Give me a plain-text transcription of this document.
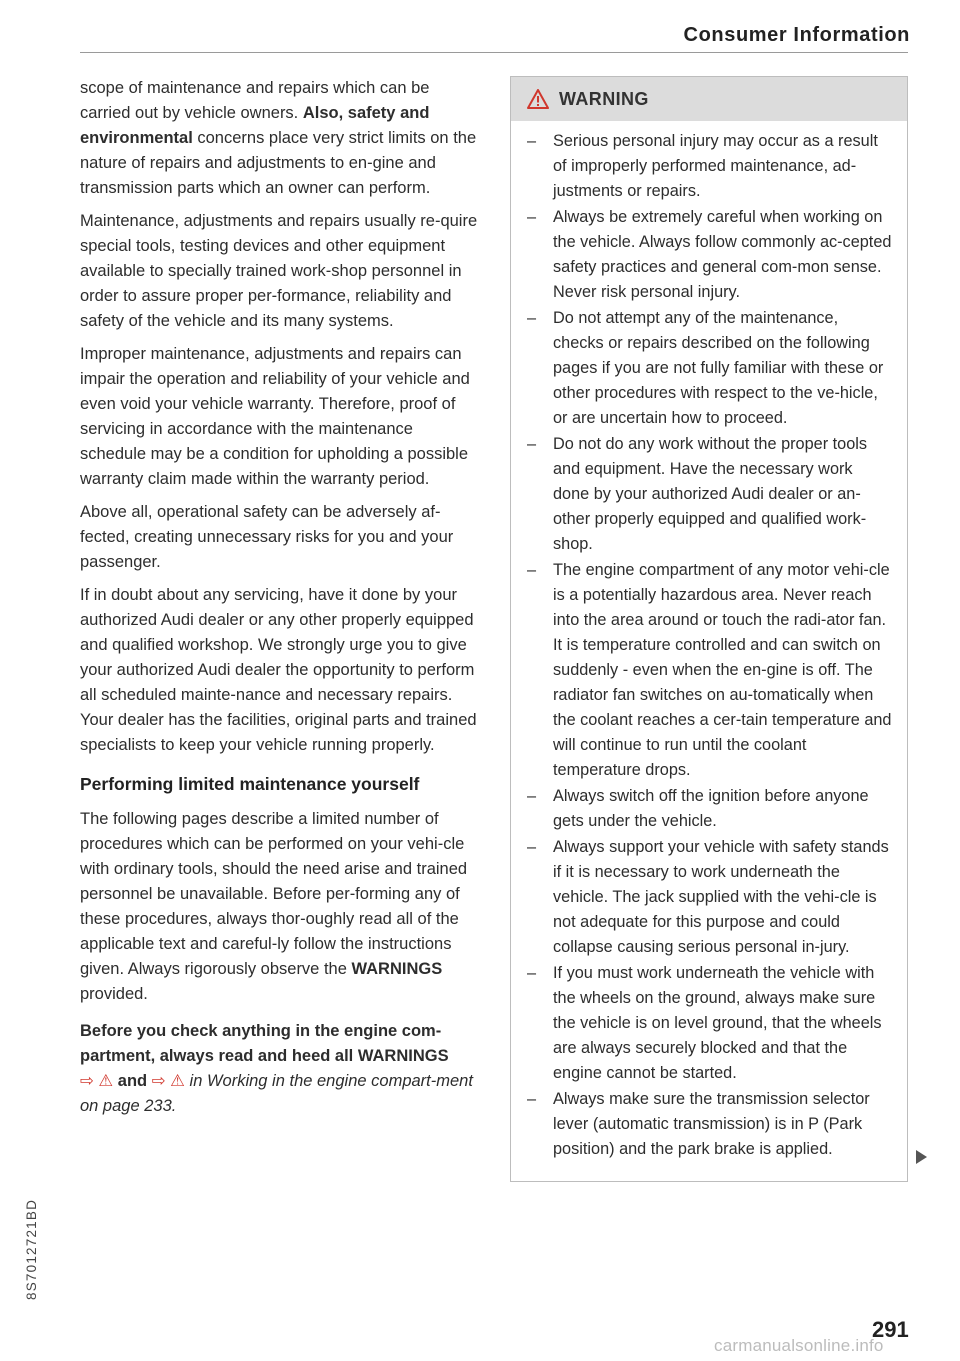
Consumer Information

scope of maintenance and repairs which can be carried out by vehicle owners. Also, safety and environmental concerns place very strict limits on the nature of repairs and adjustments to en-gine and transmission parts which an owner can perform.

Maintenance, adjustments and repairs usually re-quire special tools, testing devices and other equipment available to specially trained work-shop personnel in order to assure proper per-formance, reliability and safety of the vehicle and its many systems.

Improper maintenance, adjustments and repairs can impair the operation and reliability of your vehicle and even void your vehicle warranty. Therefore, proof of servicing in accordance with the maintenance schedule may be a condition for upholding a possible warranty claim made within the warranty period.

Above all, operational safety can be adversely af-fected, creating unnecessary risks for you and your passenger.

If in doubt about any servicing, have it done by your authorized Audi dealer or any other properly equipped and qualified workshop. We strongly urge you to give your authorized Audi dealer the opportunity to perform all scheduled mainte-nance and necessary repairs. Your dealer has the facilities, original parts and trained specialists to keep your vehicle running properly.

Performing limited maintenance yourself

The following pages describe a limited number of procedures which can be performed on your vehi-cle with ordinary tools, should the need arise and trained personnel be unavailable. Before per-forming any of these procedures, always thor-oughly read all of the applicable text and careful-ly follow the instructions given. Always rigorously observe the WARNINGS provided.

Before you check anything in the engine com-partment, always read and heed all WARNINGS
⇨ ⚠ and ⇨ ⚠ in Working in the engine compart-ment on page 233.

WARNING
–	Serious personal injury may occur as a result of improperly performed maintenance, ad-justments or repairs.
–	Always be extremely careful when working on the vehicle. Always follow commonly ac-cepted safety practices and general com-mon sense. Never risk personal injury.
–	Do not attempt any of the maintenance, checks or repairs described on the following pages if you are not fully familiar with these or other procedures with respect to the ve-hicle, or are uncertain how to proceed.
–	Do not do any work without the proper tools and equipment. Have the necessary work done by your authorized Audi dealer or an-other properly equipped and qualified work-shop.
–	The engine compartment of any motor vehi-cle is a potentially hazardous area. Never reach into the area around or touch the radi-ator fan. It is temperature controlled and can switch on suddenly - even when the en-gine is off. The radiator fan switches on au-tomatically when the coolant reaches a cer-tain temperature and will continue to run until the coolant temperature drops.
–	Always switch off the ignition before anyone gets under the vehicle.
–	Always support your vehicle with safety stands if it is necessary to work underneath the vehicle. The jack supplied with the vehi-cle is not adequate for this purpose and could collapse causing serious personal in-jury.
–	If you must work underneath the vehicle with the wheels on the ground, always make sure the vehicle is on level ground, that the wheels are always securely blocked and that the engine cannot be started.
–	Always make sure the transmission selector lever (automatic transmission) is in P (Park position) and the park brake is applied.
8S7012721BD
291
carmanualsonline.info
